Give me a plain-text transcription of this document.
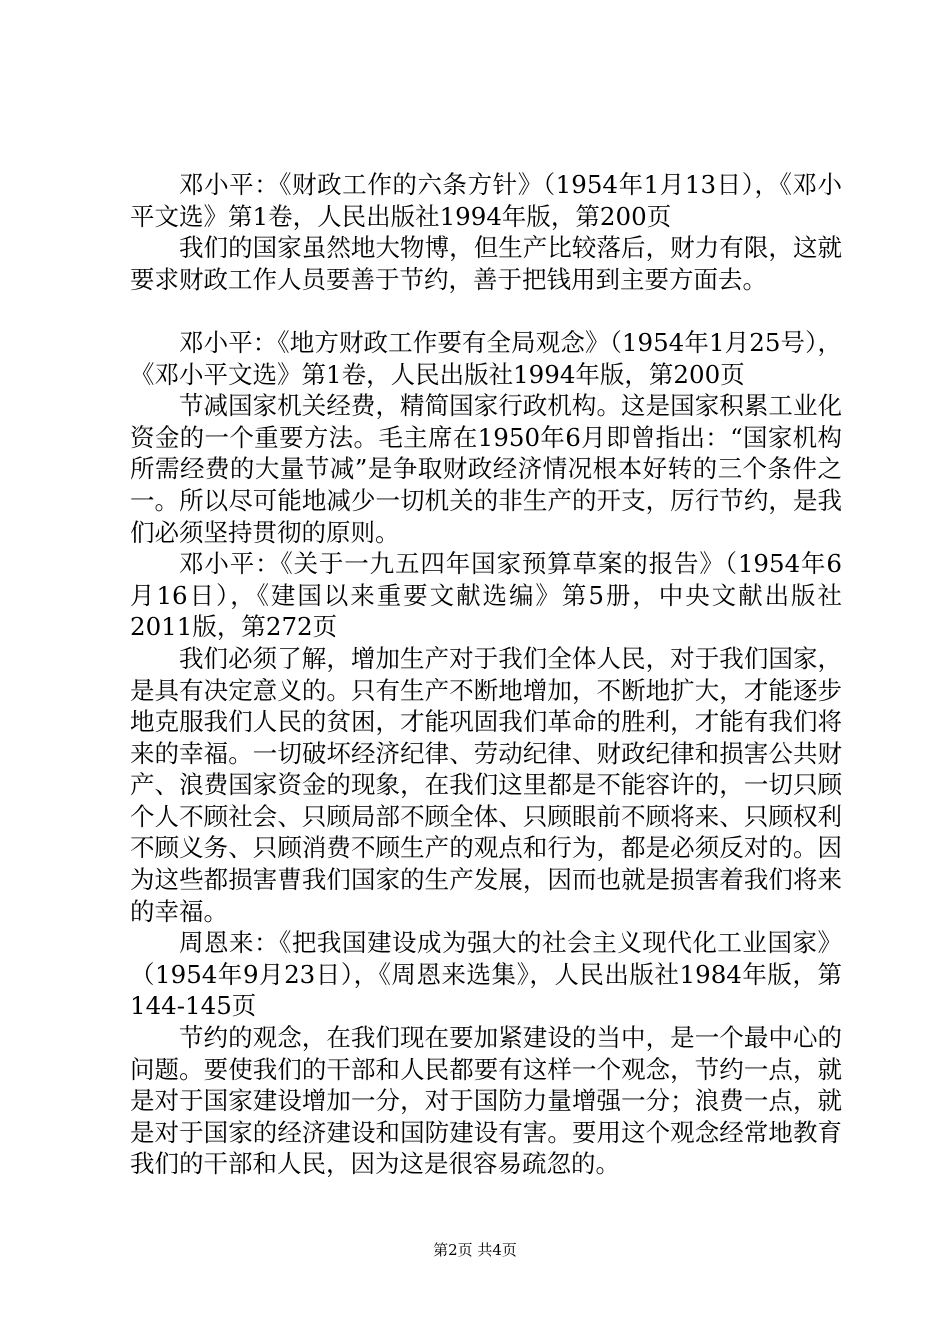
邓小平：《财政工作的六条方针》（1954年1月13日），《邓小平文选》第1卷，人民出版社1994年版，第200页

我们的国家虽然地大物博，但生产比较落后，财力有限，这就要求财政工作人员要善于节约，善于把钱用到主要方面去。

邓小平：《地方财政工作要有全局观念》（1954年1月25号），《邓小平文选》第1卷，人民出版社1994年版，第200页

节减国家机关经费，精简国家行政机构。这是国家积累工业化资金的一个重要方法。毛主席在1950年6月即曾指出：“国家机构所需经费的大量节减”是争取财政经济情况根本好转的三个条件之一。所以尽可能地减少一切机关的非生产的开支，厉行节约，是我们必须坚持贯彻的原则。

邓小平：《关于一九五四年国家预算草案的报告》（1954年6月16日），《建国以来重要文献选编》第5册，中央文献出版社2011版，第272页

我们必须了解，增加生产对于我们全体人民，对于我们国家，是具有决定意义的。只有生产不断地增加，不断地扩大，才能逐步地克服我们人民的贫困，才能巩固我们革命的胜利，才能有我们将来的幸福。一切破坏经济纪律、劳动纪律、财政纪律和损害公共财产、浪费国家资金的现象，在我们这里都是不能容许的，一切只顾个人不顾社会、只顾局部不顾全体、只顾眼前不顾将来、只顾权利不顾义务、只顾消费不顾生产的观点和行为，都是必须反对的。因为这些都损害曹我们国家的生产发展，因而也就是损害着我们将来的幸福。

周恩来：《把我国建设成为强大的社会主义现代化工业国家》（1954年9月23日），《周恩来选集》，人民出版社1984年版，第144-145页

节约的观念，在我们现在要加紧建设的当中，是一个最中心的问题。要使我们的干部和人民都要有这样一个观念，节约一点，就是对于国家建设增加一分，对于国防力量增强一分；浪费一点，就是对于国家的经济建设和国防建设有害。要用这个观念经常地教育我们的干部和人民，因为这是很容易疏忽的。

第2页 共4页
